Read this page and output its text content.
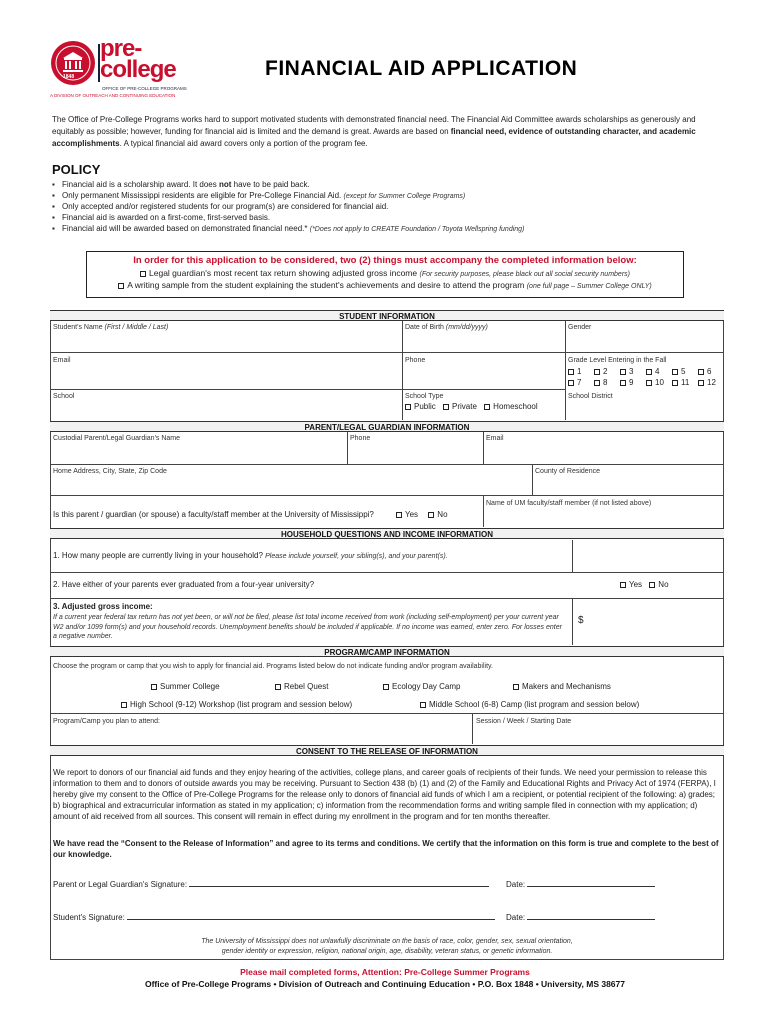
1848
pre-
college
OFFICE OF PRE-COLLEGE PROGRAMS
A DIVISION OF OUTREACH AND CONTINUING EDUCATION
FINANCIAL AID APPLICATION
The Office of Pre-College Programs works hard to support motivated students with demonstrated financial need. The Financial Aid Committee awards scholarships as generously and equitably as possible; however, funding for financial aid is limited and the demand is great. Awards are based on financial need, evidence of outstanding character, and academic accomplishments. A typical financial aid award covers only a portion of the program fee.
POLICY
▪ Financial aid is a scholarship award. It does not have to be paid back.
▪ Only permanent Mississippi residents are eligible for Pre-College Financial Aid. (except for Summer College Programs)
▪ Only accepted and/or registered students for our program(s) are considered for financial aid.
▪ Financial aid is awarded on a first-come, first-served basis.
▪ Financial aid will be awarded based on demonstrated financial need.* (*Does not apply to CREATE Foundation / Toyota Wellspring funding)
In order for this application to be considered, two (2) things must accompany the completed information below:
Legal guardian's most recent tax return showing adjusted gross income (For security purposes, please black out all social security numbers)
A writing sample from the student explaining the student's achievements and desire to attend the program (one full page – Summer College ONLY)
STUDENT INFORMATION
Student's Name (First / Middle / Last)	Date of Birth (mm/dd/yyyy)	Gender
Email	Phone	Grade Level Entering in the Fall
1	2	3	4	5	6
7	8	9	10	11	12
School	School Type
Public Private Homeschool
School District
PARENT/LEGAL GUARDIAN INFORMATION
Custodial Parent/Legal Guardian's Name	Phone	Email
Home Address, City, State, Zip Code	County of Residence
Is this parent / guardian (or spouse) a faculty/staff member at the University of Mississippi?	Yes No
Name of UM faculty/staff member (if not listed above)
HOUSEHOLD QUESTIONS AND INCOME INFORMATION
1. How many people are currently living in your household? Please include yourself, your sibling(s), and your parent(s).
2. Have either of your parents ever graduated from a four-year university?	Yes No
3. Adjusted gross income:
If a current year federal tax return has not yet been, or will not be filed, please list total income received from work (including self-employment) per your current year W2 and/or 1099 form(s) and your household records. Unemployment benefits should be included if applicable. If no income was earned, enter zero. For losses enter a negative number.
$
PROGRAM/CAMP INFORMATION
Choose the program or camp that you wish to apply for financial aid. Programs listed below do not indicate funding and/or program availability.
Summer College	Rebel Quest	Ecology Day Camp	Makers and Mechanisms
High School (9-12) Workshop (list program and session below)	Middle School (6-8) Camp (list program and session below)
Program/Camp you plan to attend:	Session / Week / Starting Date
CONSENT TO THE RELEASE OF INFORMATION
We report to donors of our financial aid funds and they enjoy hearing of the activities, college plans, and career goals of recipients of their funds. We need your permission to release this information to them and to donors of outside awards you may be receiving. Pursuant to Section 438 (b) (1) and (2) of the Family and Educational Rights and Privacy Act of 1974 (FERPA), I hereby give my consent to the Office of Pre-College Programs for the release only to donors of financial aid funds of which I am a recipient, or potential recipient of the following: a) grades; b) biographical and extracurricular information as stated in my application; c) information from the recommendation forms and writing sample filed in connection with my application; d) amount of aid received from all sources. This consent will remain in effect during my enrollment in the program and for ten months thereafter.
We have read the “Consent to the Release of Information” and agree to its terms and conditions. We certify that the information on this form is true and complete to the best of our knowledge.
Parent or Legal Guardian's Signature:	Date:
Student's Signature:	Date:
The University of Mississippi does not unlawfully discriminate on the basis of race, color, gender, sex, sexual orientation,
gender identity or expression, religion, national origin, age, disability, veteran status, or genetic information.
Please mail completed forms, Attention: Pre-College Summer Programs
Office of Pre-College Programs • Division of Outreach and Continuing Education • P.O. Box 1848 • University, MS 38677
